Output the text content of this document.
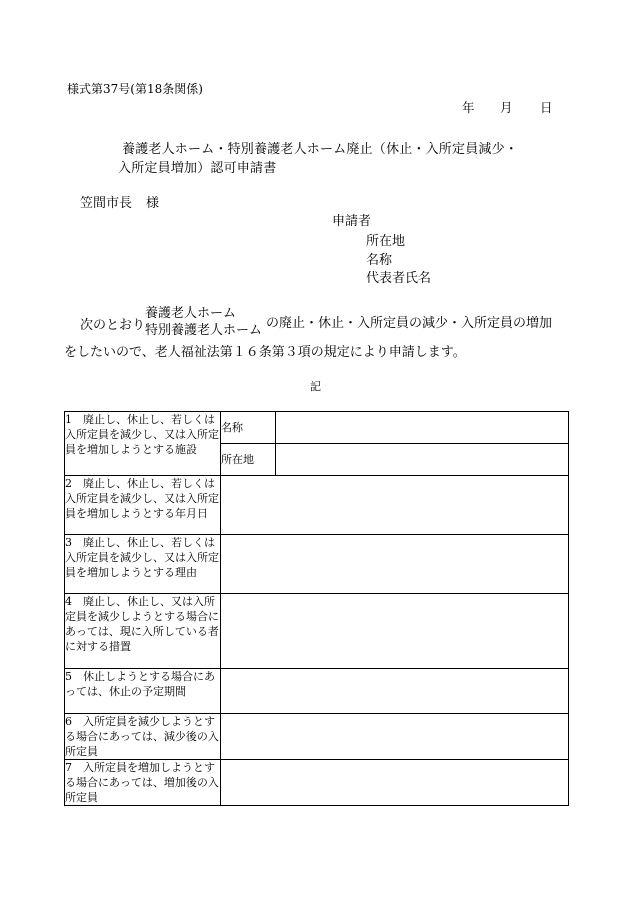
様式第37号(第18条関係)
年 月 日
養護老人ホーム・特別養護老人ホーム廃止（休止・入所定員減少・
入所定員増加）認可申請書
笠間市長 様
申請者
所在地
名称
代表者氏名
次のとおり
養護老人ホーム
特別養護老人ホーム の廃止・休止・入所定員の減少・入所定員の増加
をしたいので、老人福祉法第１６条第３項の規定により申請します。
記
1　廃止し、休止し、若しくは入所定員を減少し、又は入所定員を増加しようとする施設	名称	
	所在地	
2　廃止し、休止し、若しくは入所定員を減少し、又は入所定員を増加しようとする年月日		
3　廃止し、休止し、若しくは入所定員を減少し、又は入所定員を増加しようとする理由		
4　廃止し、休止し、又は入所定員を減少しようとする場合にあっては、現に入所している者に対する措置		
5　休止しようとする場合にあっては、休止の予定期間		
6　入所定員を減少しようとする場合にあっては、減少後の入所定員		
7　入所定員を増加しようとする場合にあっては、増加後の入所定員		
